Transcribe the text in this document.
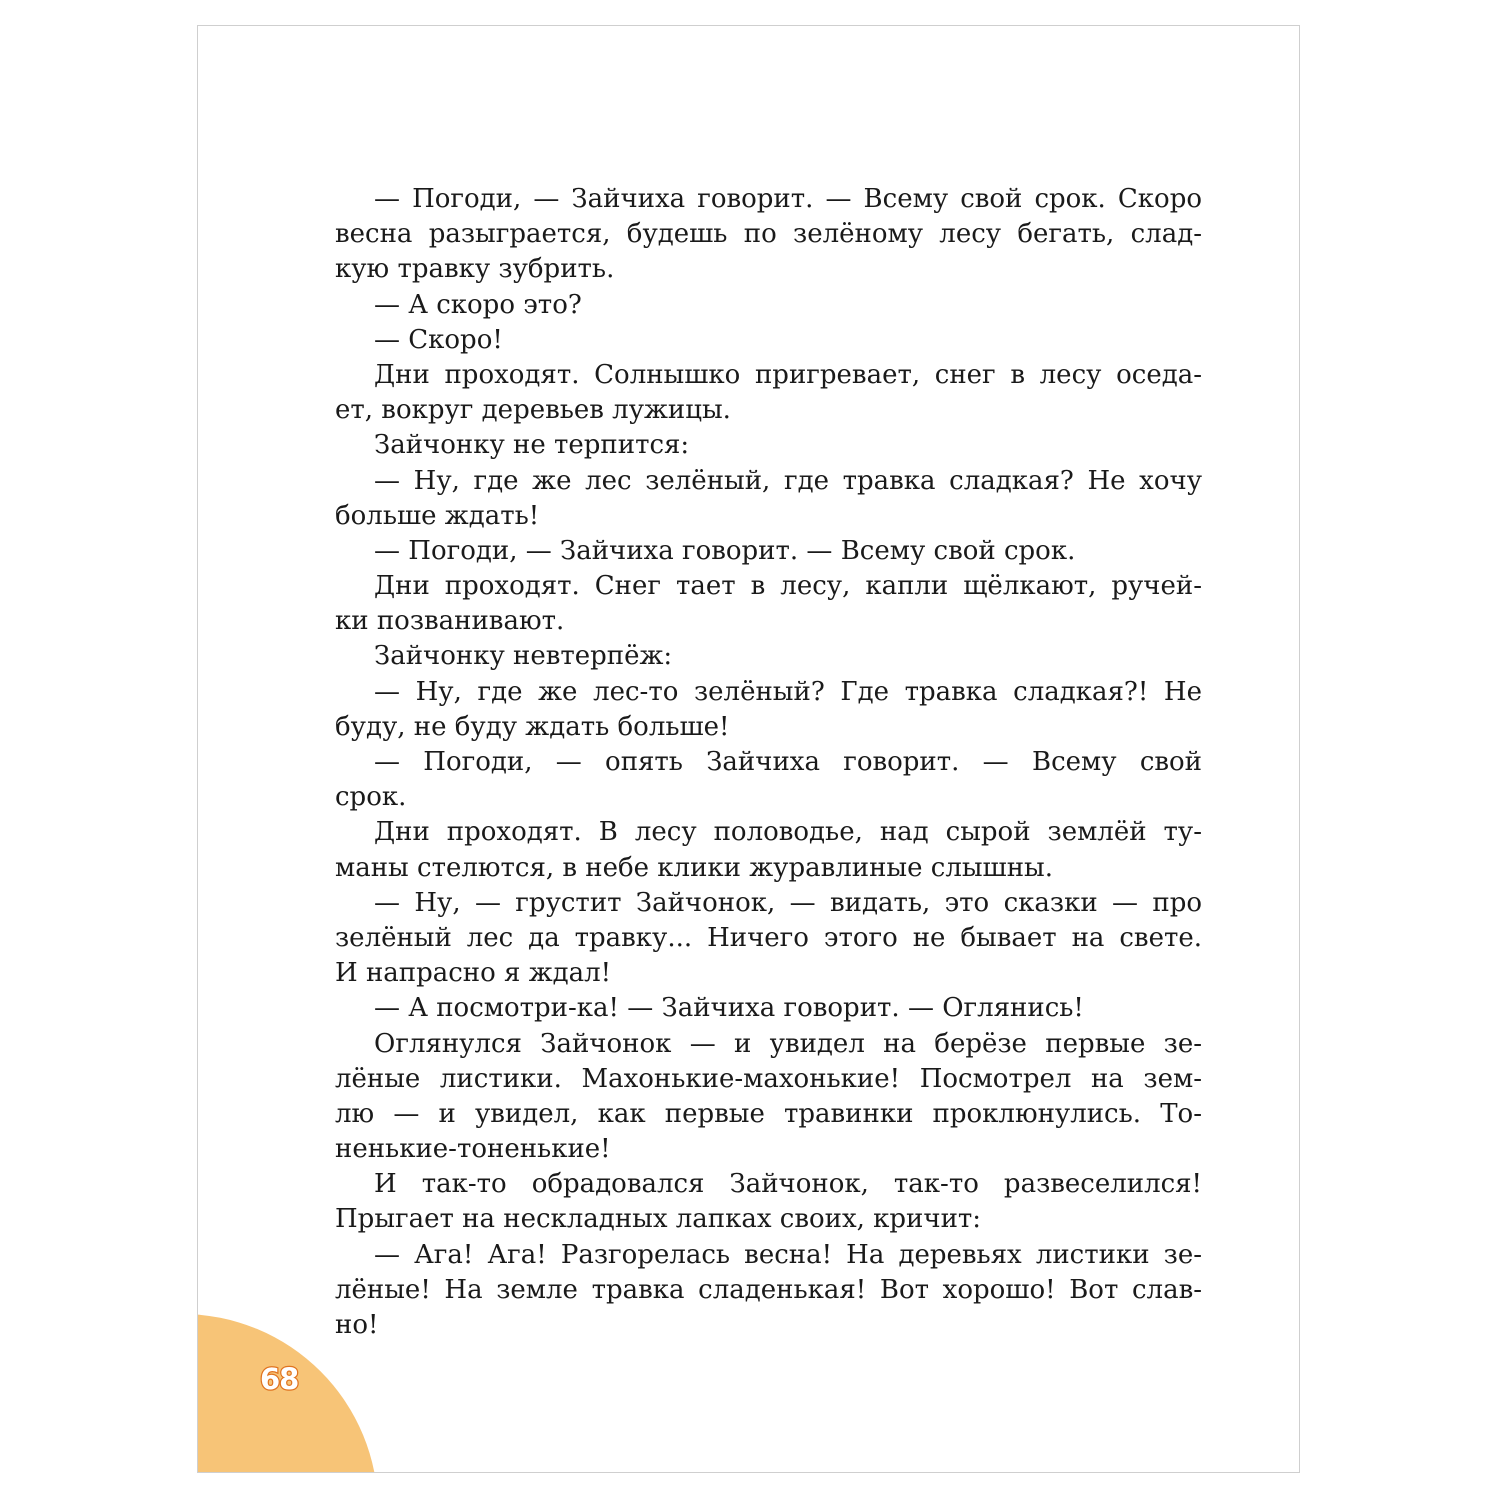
68
— Погоди, — Зайчиха говорит. — Всему свой срок. Скоро
весна разыграется, будешь по зелёному лесу бегать, слад-
кую травку зубрить.
— А скоро это?
— Скоро!
Дни проходят. Солнышко пригревает, снег в лесу оседа-
ет, вокруг деревьев лужицы.
Зайчонку не терпится:
— Ну, где же лес зелёный, где травка сладкая? Не хочу
больше ждать!
— Погоди, — Зайчиха говорит. — Всему свой срок.
Дни проходят. Снег тает в лесу, капли щёлкают, ручей-
ки позванивают.
Зайчонку невтерпёж:
— Ну, где же лес-то зелёный? Где травка сладкая?! Не
буду, не буду ждать больше!
— Погоди, — опять Зайчиха говорит. — Всему свой
срок.
Дни проходят. В лесу половодье, над сырой землёй ту-
маны стелются, в небе клики журавлиные слышны.
— Ну, — грустит Зайчонок, — видать, это сказки — про
зелёный лес да травку... Ничего этого не бывает на свете.
И напрасно я ждал!
— А посмотри-ка! — Зайчиха говорит. — Оглянись!
Оглянулся Зайчонок — и увидел на берёзе первые зе-
лёные листики. Махонькие-махонькие! Посмотрел на зем-
лю — и увидел, как первые травинки проклюнулись. То-
ненькие-тоненькие!
И так-то обрадовался Зайчонок, так-то развеселился!
Прыгает на нескладных лапках своих, кричит:
— Ага! Ага! Разгорелась весна! На деревьях листики зе-
лёные! На земле травка сладенькая! Вот хорошо! Вот слав-
но!
